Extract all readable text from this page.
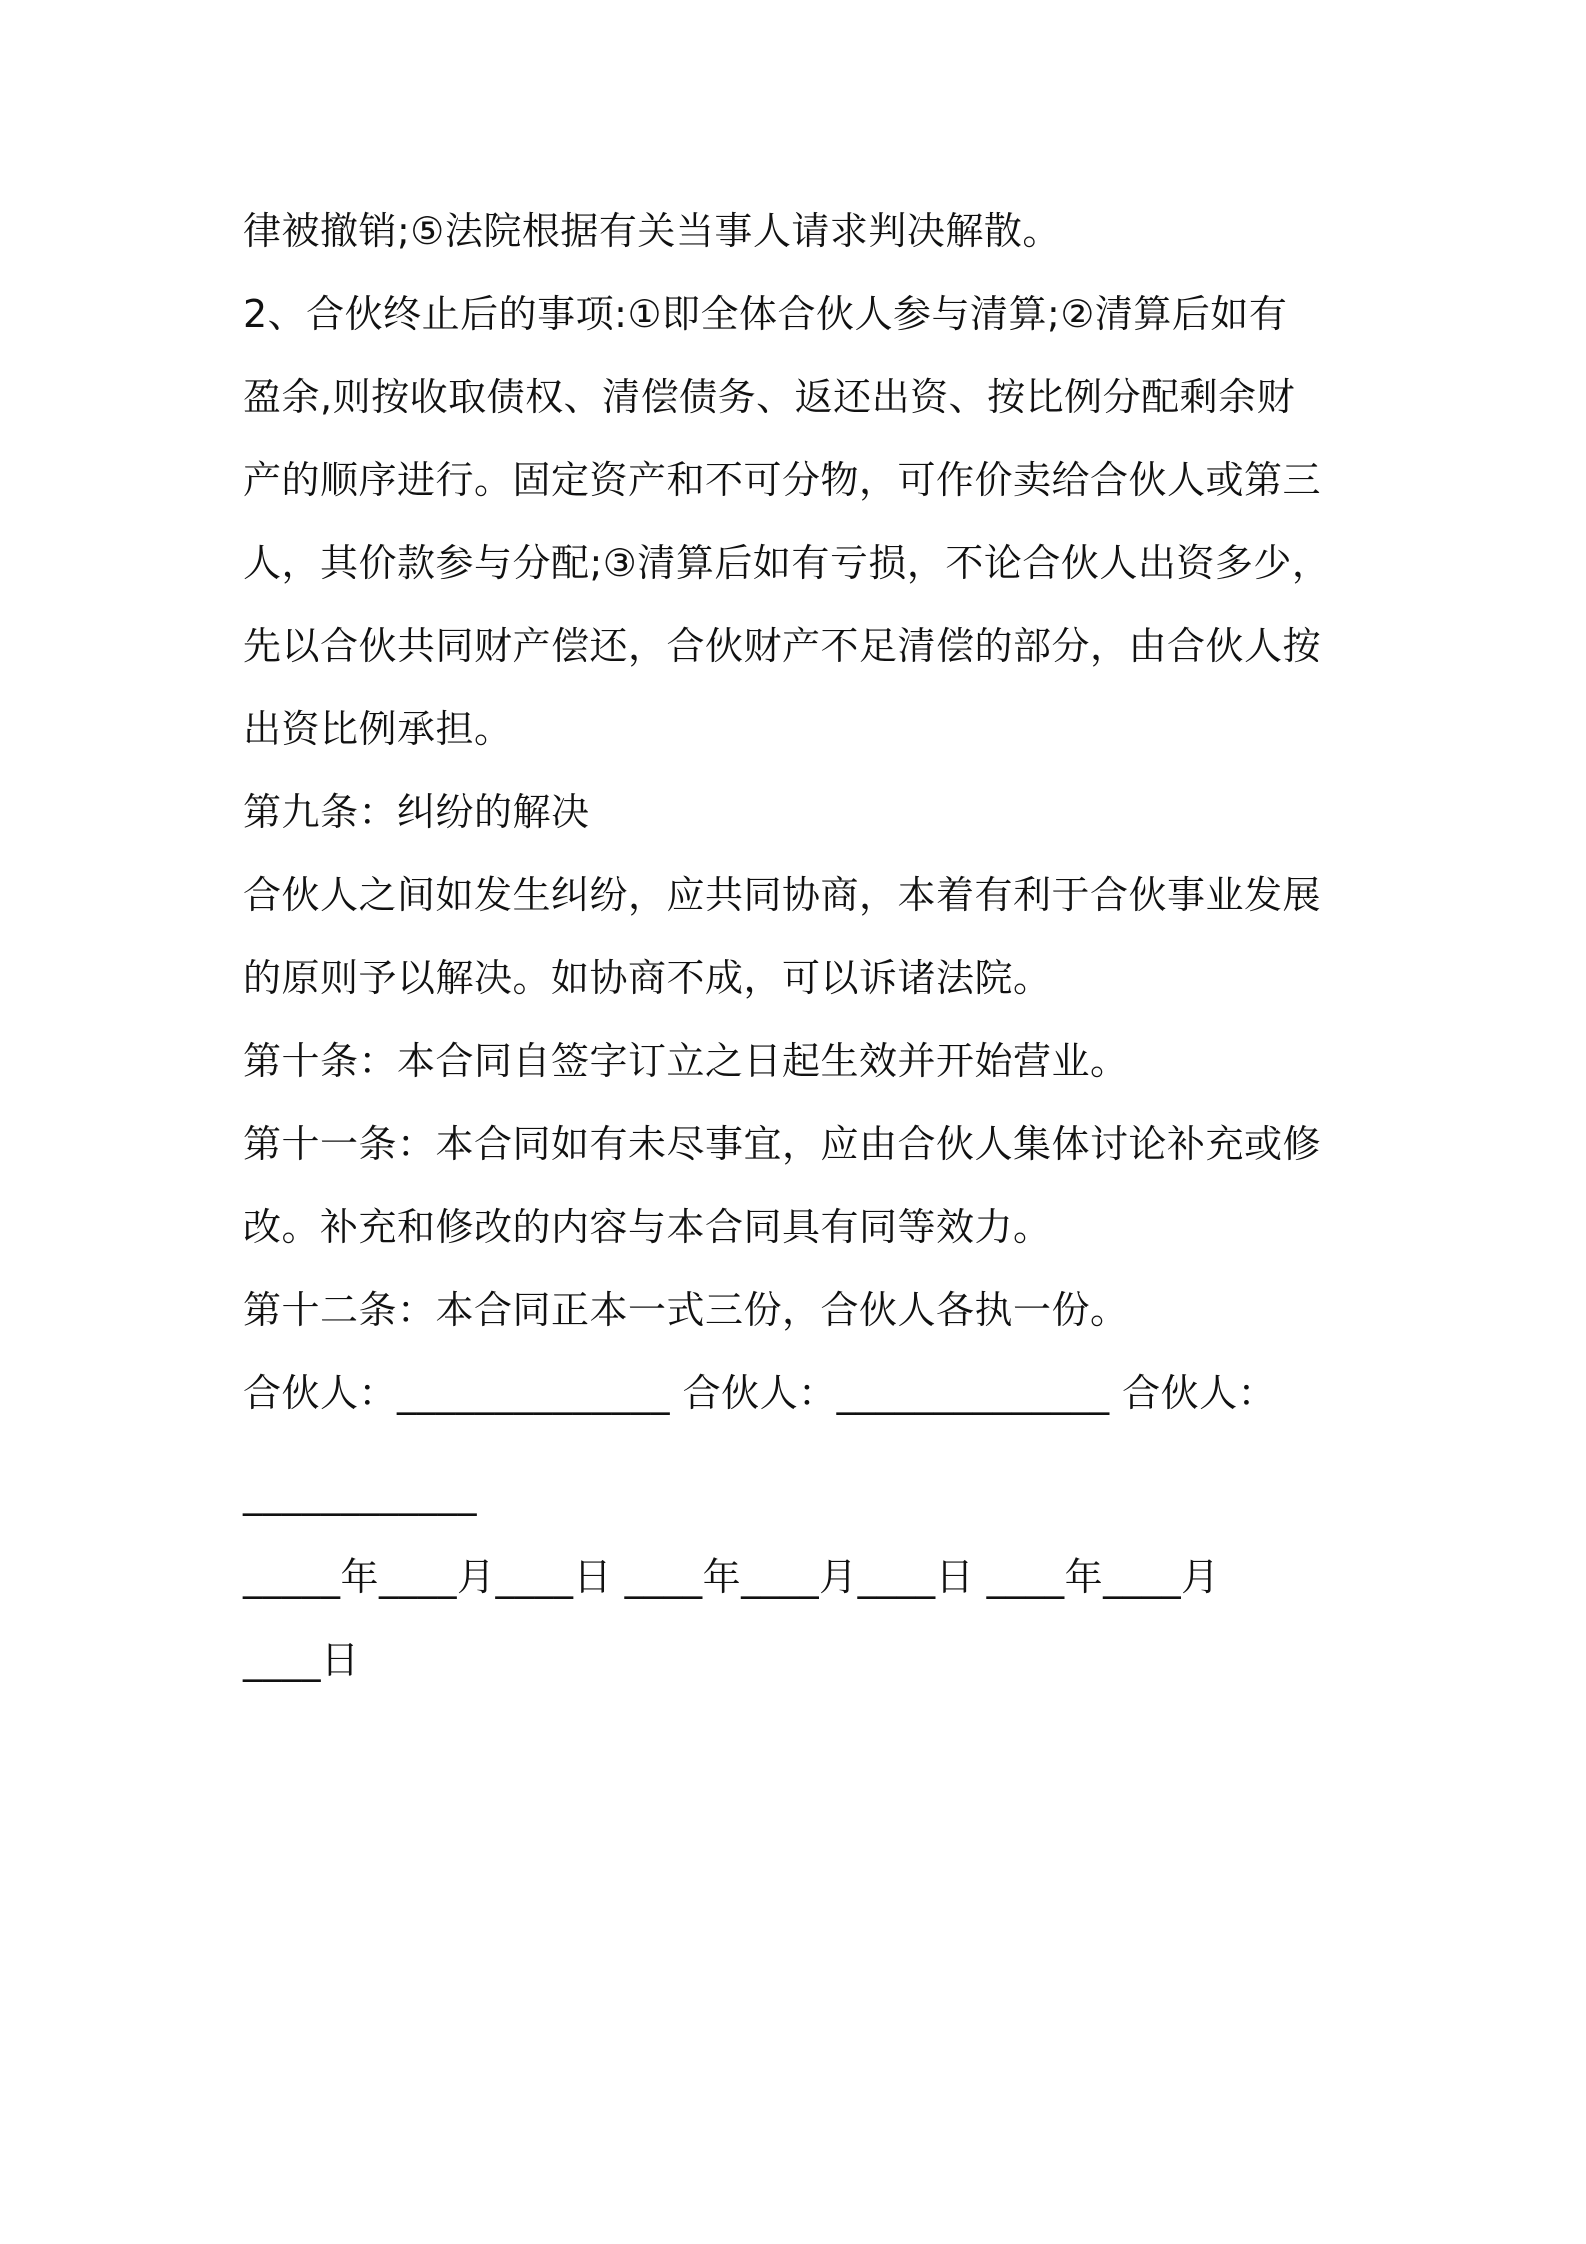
律被撤销;⑤法院根据有关当事人请求判决解散。
2、合伙终止后的事项:①即全体合伙人参与清算;②清算后如有
盈余,则按收取债权、清偿债务、返还出资、按比例分配剩余财
产的顺序进行。固定资产和不可分物，可作价卖给合伙人或第三
人，其价款参与分配;③清算后如有亏损，不论合伙人出资多少，
先以合伙共同财产偿还，合伙财产不足清偿的部分，由合伙人按
出资比例承担。
第九条：纠纷的解决
合伙人之间如发生纠纷，应共同协商，本着有利于合伙事业发展
的原则予以解决。如协商不成，可以诉诸法院。
第十条：本合同自签字订立之日起生效并开始营业。
第十一条：本合同如有未尽事宜，应由合伙人集体讨论补充或修
改。补充和修改的内容与本合同具有同等效力。
第十二条：本合同正本一式三份，合伙人各执一份。
合伙人：______________ 合伙人：______________ 合伙人：
____________
_____年____月____日 ____年____月____日 ____年____月
____日
